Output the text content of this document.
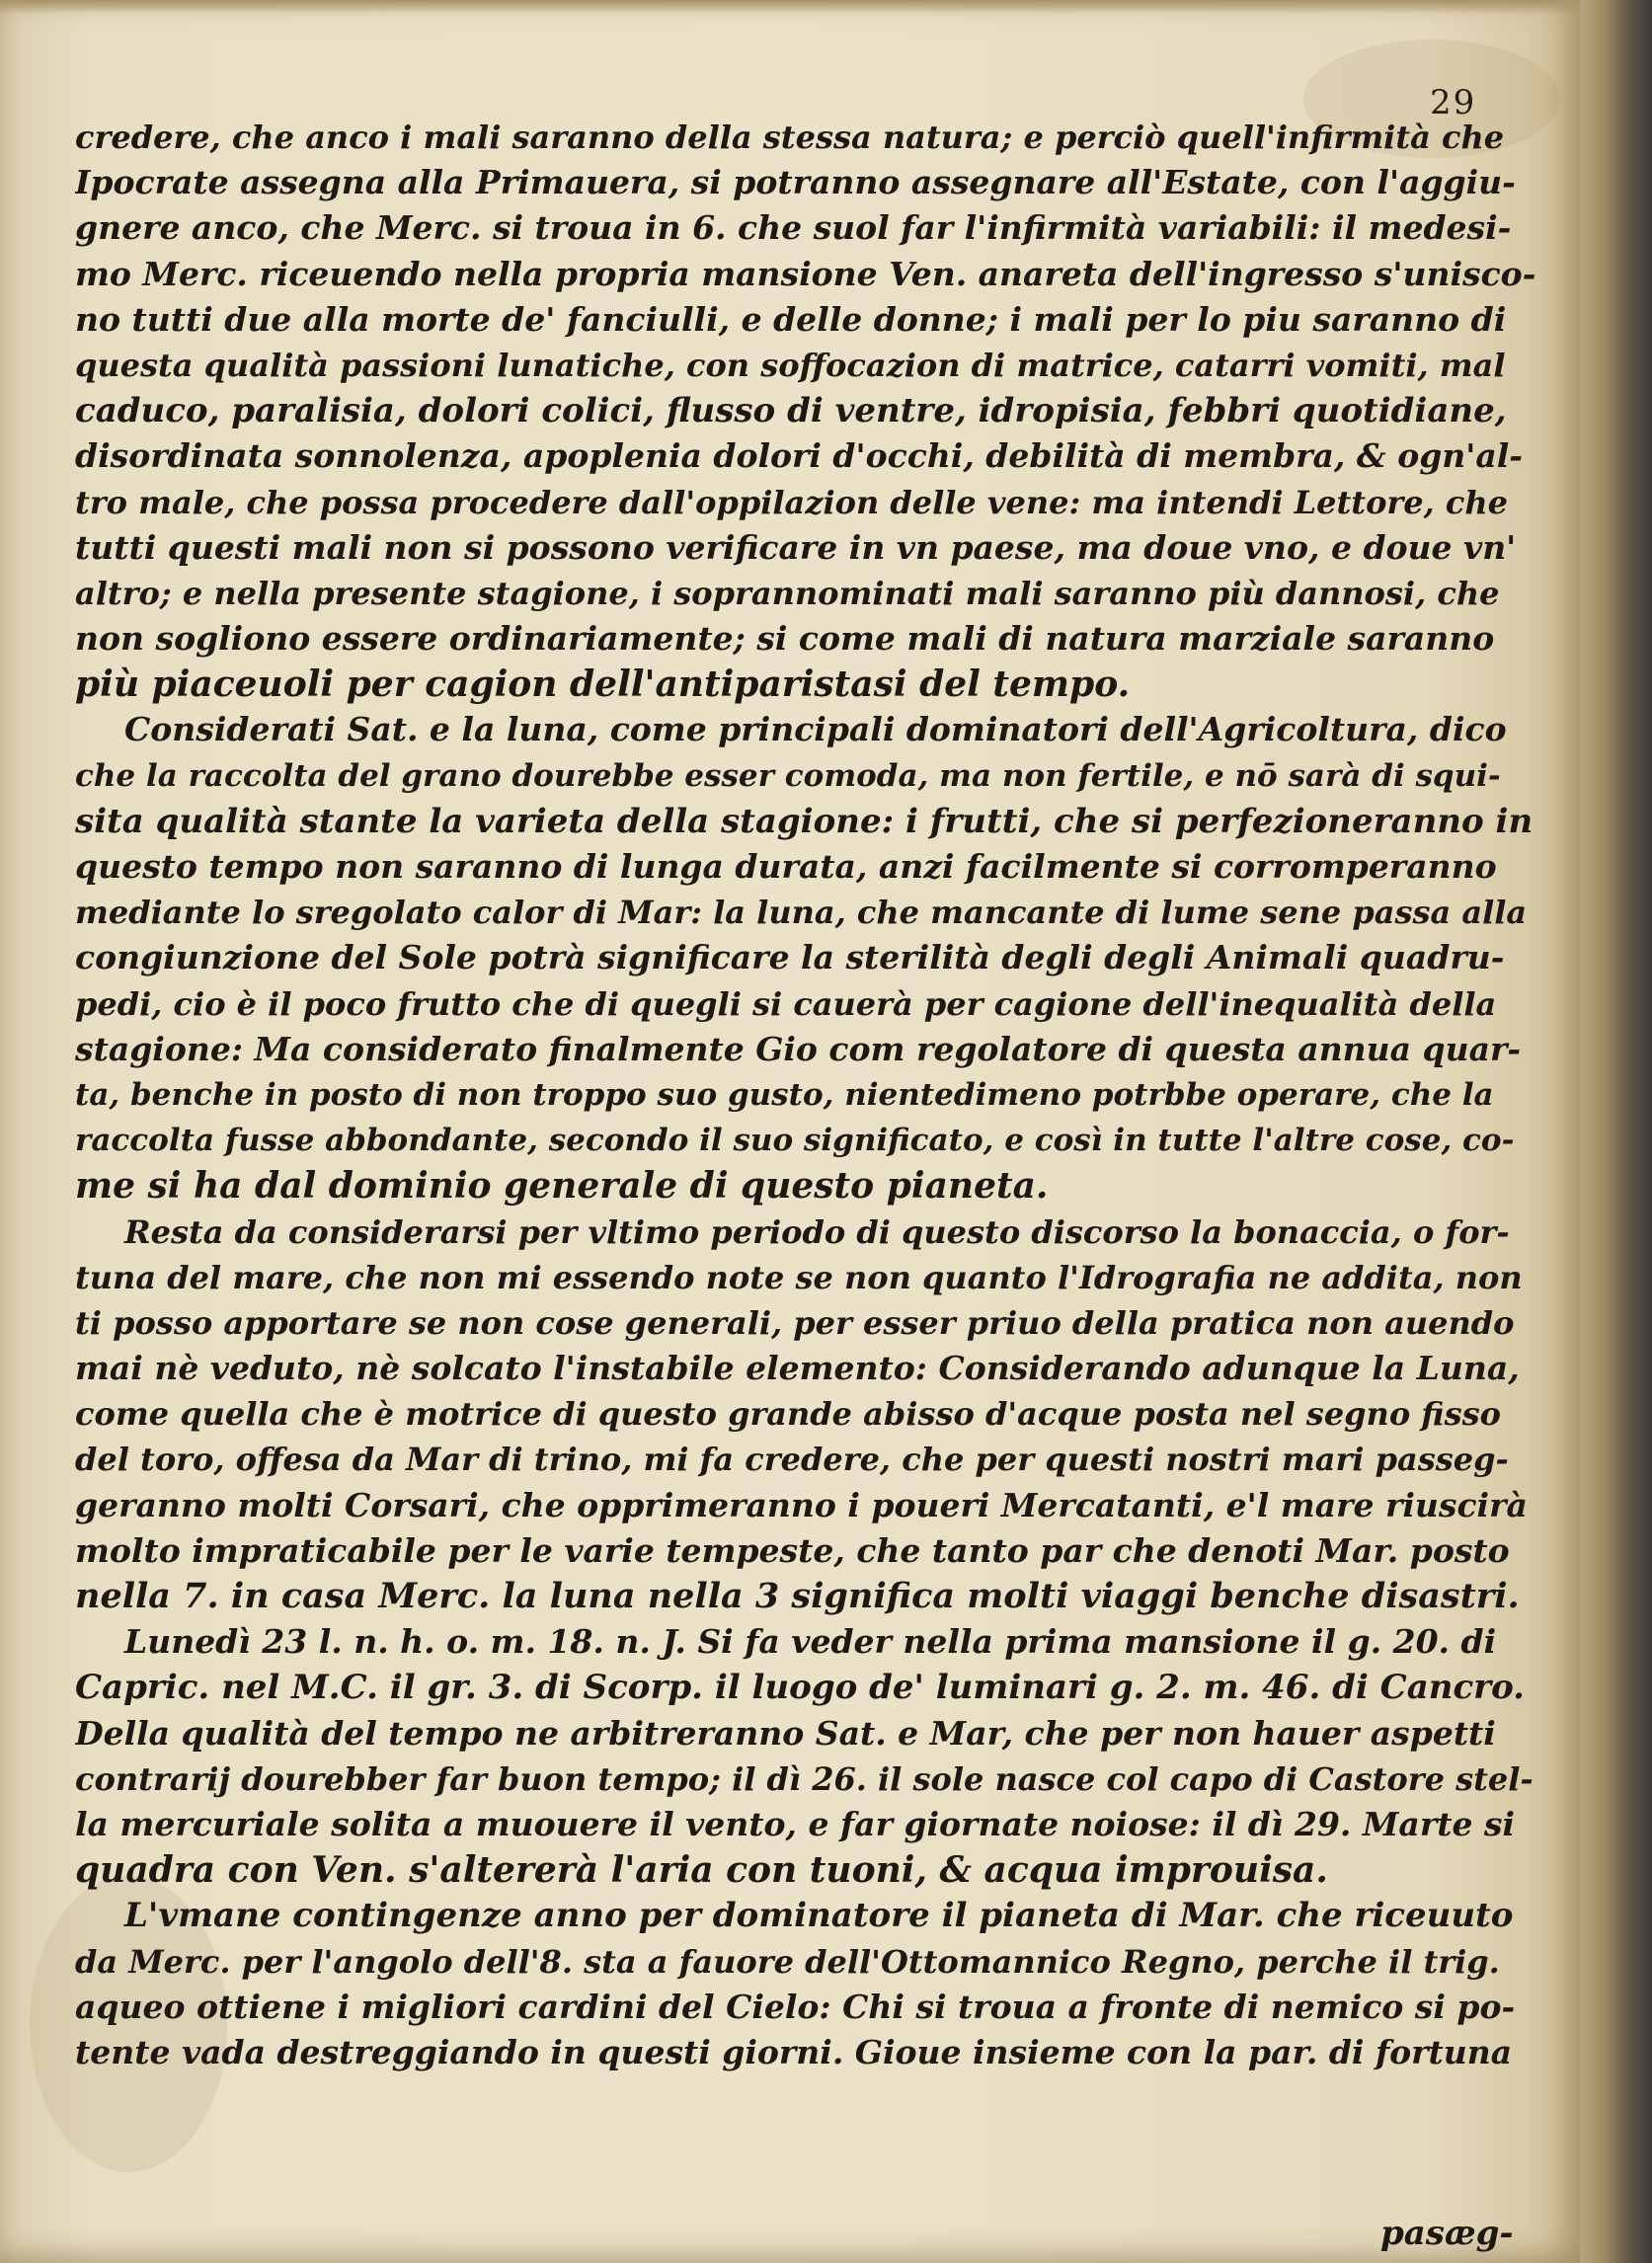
29
credere, che anco i mali saranno della stessa natura; e perciò quell'infirmità che
Ipocrate assegna alla Primauera, si potranno assegnare all'Estate, con l'aggiu-
gnere anco, che Merc. si troua in 6. che suol far l'infirmità variabili: il medesi-
mo Merc. riceuendo nella propria mansione Ven. anareta dell'ingresso s'unisco-
no tutti due alla morte de' fanciulli, e delle donne; i mali per lo piu saranno di
questa qualità passioni lunatiche, con soffocazion di matrice, catarri vomiti, mal
caduco, paralisia, dolori colici, flusso di ventre, idropisia, febbri quotidiane,
disordinata sonnolenza, apoplenia dolori d'occhi, debilità di membra, & ogn'al-
tro male, che possa procedere dall'oppilazion delle vene: ma intendi Lettore, che
tutti questi mali non si possono verificare in vn paese, ma doue vno, e doue vn'
altro; e nella presente stagione, i soprannominati mali saranno più dannosi, che
non sogliono essere ordinariamente; si come mali di natura marziale saranno
più piaceuoli per cagion dell'antiparistasi del tempo.
Considerati Sat. e la luna, come principali dominatori dell'Agricoltura, dico
che la raccolta del grano dourebbe esser comoda, ma non fertile, e nō sarà di squi-
sita qualità stante la varieta della stagione: i frutti, che si perfezioneranno in
questo tempo non saranno di lunga durata, anzi facilmente si corromperanno
mediante lo sregolato calor di Mar: la luna, che mancante di lume sene passa alla
congiunzione del Sole potrà significare la sterilità degli degli Animali quadru-
pedi, cio è il poco frutto che di quegli si cauerà per cagione dell'inequalità della
stagione: Ma considerato finalmente Gio com regolatore di questa annua quar-
ta, benche in posto di non troppo suo gusto, nientedimeno potrbbe operare, che la
raccolta fusse abbondante, secondo il suo significato, e così in tutte l'altre cose, co-
me si ha dal dominio generale di questo pianeta.
Resta da considerarsi per vltimo periodo di questo discorso la bonaccia, o for-
tuna del mare, che non mi essendo note se non quanto l'Idrografia ne addita, non
ti posso apportare se non cose generali, per esser priuo della pratica non auendo
mai nè veduto, nè solcato l'instabile elemento: Considerando adunque la Luna,
come quella che è motrice di questo grande abisso d'acque posta nel segno fisso
del toro, offesa da Mar di trino, mi fa credere, che per questi nostri mari passeg-
geranno molti Corsari, che opprimeranno i poueri Mercatanti, e'l mare riuscirà
molto impraticabile per le varie tempeste, che tanto par che denoti Mar. posto
nella 7. in casa Merc. la luna nella 3 significa molti viaggi benche disastri.
Lunedì 23 l. n. h. o. m. 18. n. J. Si fa veder nella prima mansione il g. 20. di
Capric. nel M.C. il gr. 3. di Scorp. il luogo de' luminari g. 2. m. 46. di Cancro.
Della qualità del tempo ne arbitreranno Sat. e Mar, che per non hauer aspetti
contrarij dourebber far buon tempo; il dì 26. il sole nasce col capo di Castore stel-
la mercuriale solita a muouere il vento, e far giornate noiose: il dì 29. Marte si
quadra con Ven. s'altererà l'aria con tuoni, & acqua improuisa.
L'vmane contingenze anno per dominatore il pianeta di Mar. che riceuuto
da Merc. per l'angolo dell'8. sta a fauore dell'Ottomannico Regno, perche il trig.
aqueo ottiene i migliori cardini del Cielo: Chi si troua a fronte di nemico si po-
tente vada destreggiando in questi giorni. Gioue insieme con la par. di fortuna
pasæg-
